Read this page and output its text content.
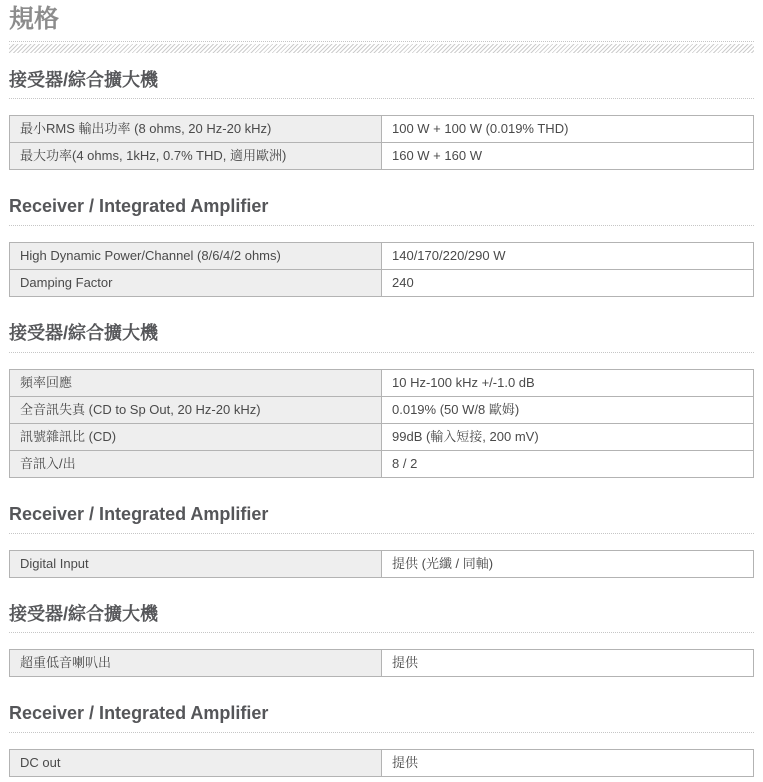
規格
接受器/綜合擴大機
最小RMS 輸出功率 (8 ohms, 20 Hz-20 kHz)	100 W + 100 W (0.019% THD)
最大功率(4 ohms, 1kHz, 0.7% THD, 適用歐洲)	160 W + 160 W
Receiver / Integrated Amplifier
High Dynamic Power/Channel (8/6/4/2 ohms)	140/170/220/290 W
Damping Factor	240
接受器/綜合擴大機
頻率回應	10 Hz-100 kHz +/-1.0 dB
全音訊失真 (CD to Sp Out, 20 Hz-20 kHz)	0.019% (50 W/8 歐姆)
訊號雜訊比 (CD)	99dB (輸入短接, 200 mV)
音訊入/出	8 / 2
Receiver / Integrated Amplifier
Digital Input	提供 (光纖 / 同軸)
接受器/綜合擴大機
超重低音喇叭出	提供
Receiver / Integrated Amplifier
DC out	提供
